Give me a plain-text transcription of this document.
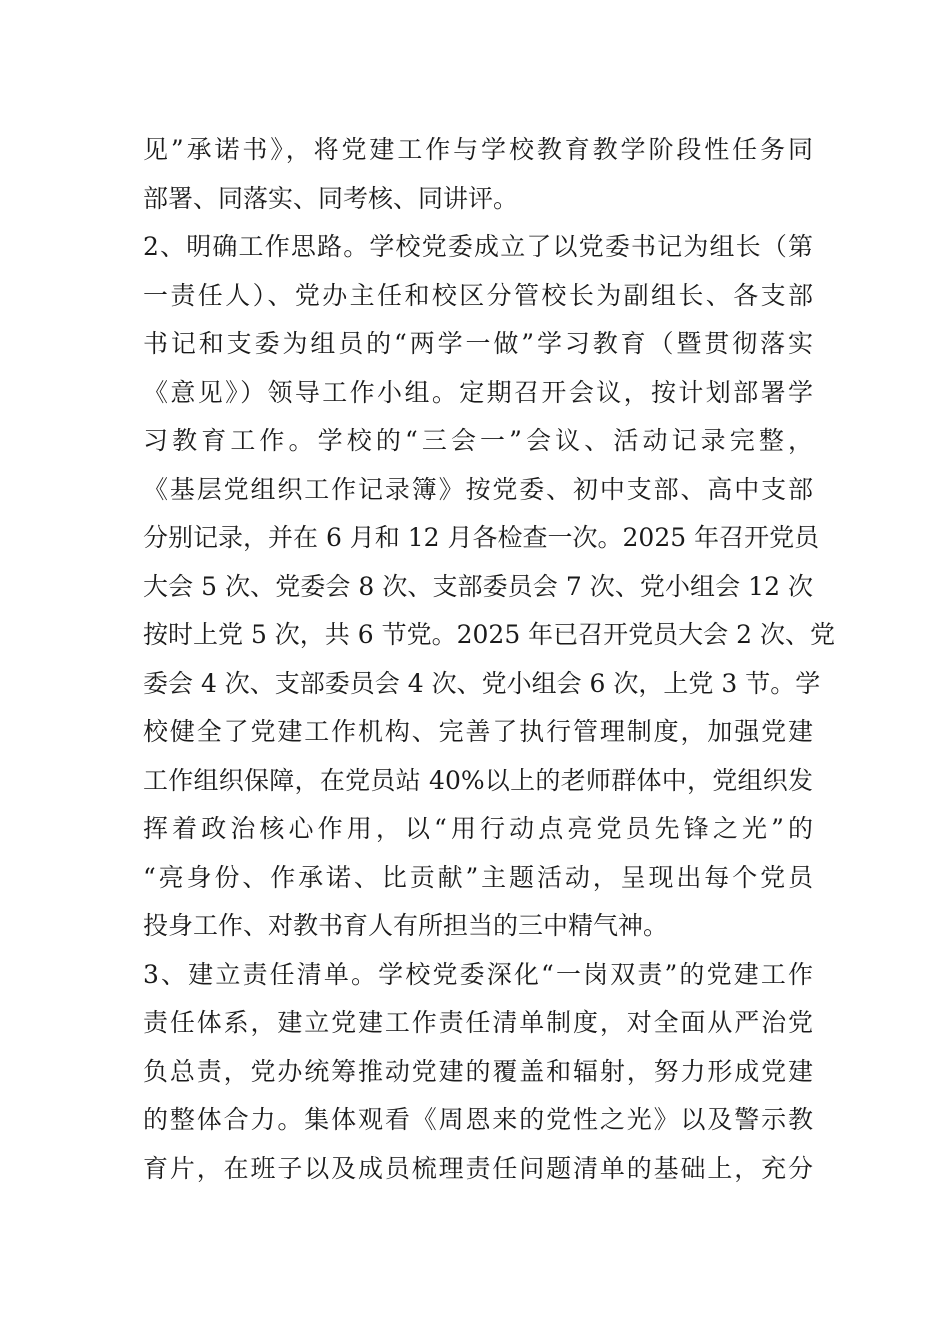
见”承诺书》，将党建工作与学校教育教学阶段性任务同
部署、同落实、同考核、同讲评。
2、明确工作思路。学校党委成立了以党委书记为组长（第
一责任人）、党办主任和校区分管校长为副组长、各支部
书记和支委为组员的“两学一做”学习教育（暨贯彻落实
《意见》）领导工作小组。定期召开会议，按计划部署学
习教育工作。学校的“三会一”会议、活动记录完整，
《基层党组织工作记录簿》按党委、初中支部、高中支部
分别记录，并在 6 月和 12 月各检查一次。2025 年召开党员
大会 5 次、党委会 8 次、支部委员会 7 次、党小组会 12 次
按时上党 5 次，共 6 节党。2025 年已召开党员大会 2 次、党
委会 4 次、支部委员会 4 次、党小组会 6 次，上党 3 节。学
校健全了党建工作机构、完善了执行管理制度，加强党建
工作组织保障，在党员站 40%以上的老师群体中，党组织发
挥着政治核心作用，以“用行动点亮党员先锋之光”的
“亮身份、作承诺、比贡献”主题活动，呈现出每个党员
投身工作、对教书育人有所担当的三中精气神。
3、建立责任清单。学校党委深化“一岗双责”的党建工作
责任体系，建立党建工作责任清单制度，对全面从严治党
负总责，党办统筹推动党建的覆盖和辐射，努力形成党建
的整体合力。集体观看《周恩来的党性之光》以及警示教
育片，在班子以及成员梳理责任问题清单的基础上，充分
